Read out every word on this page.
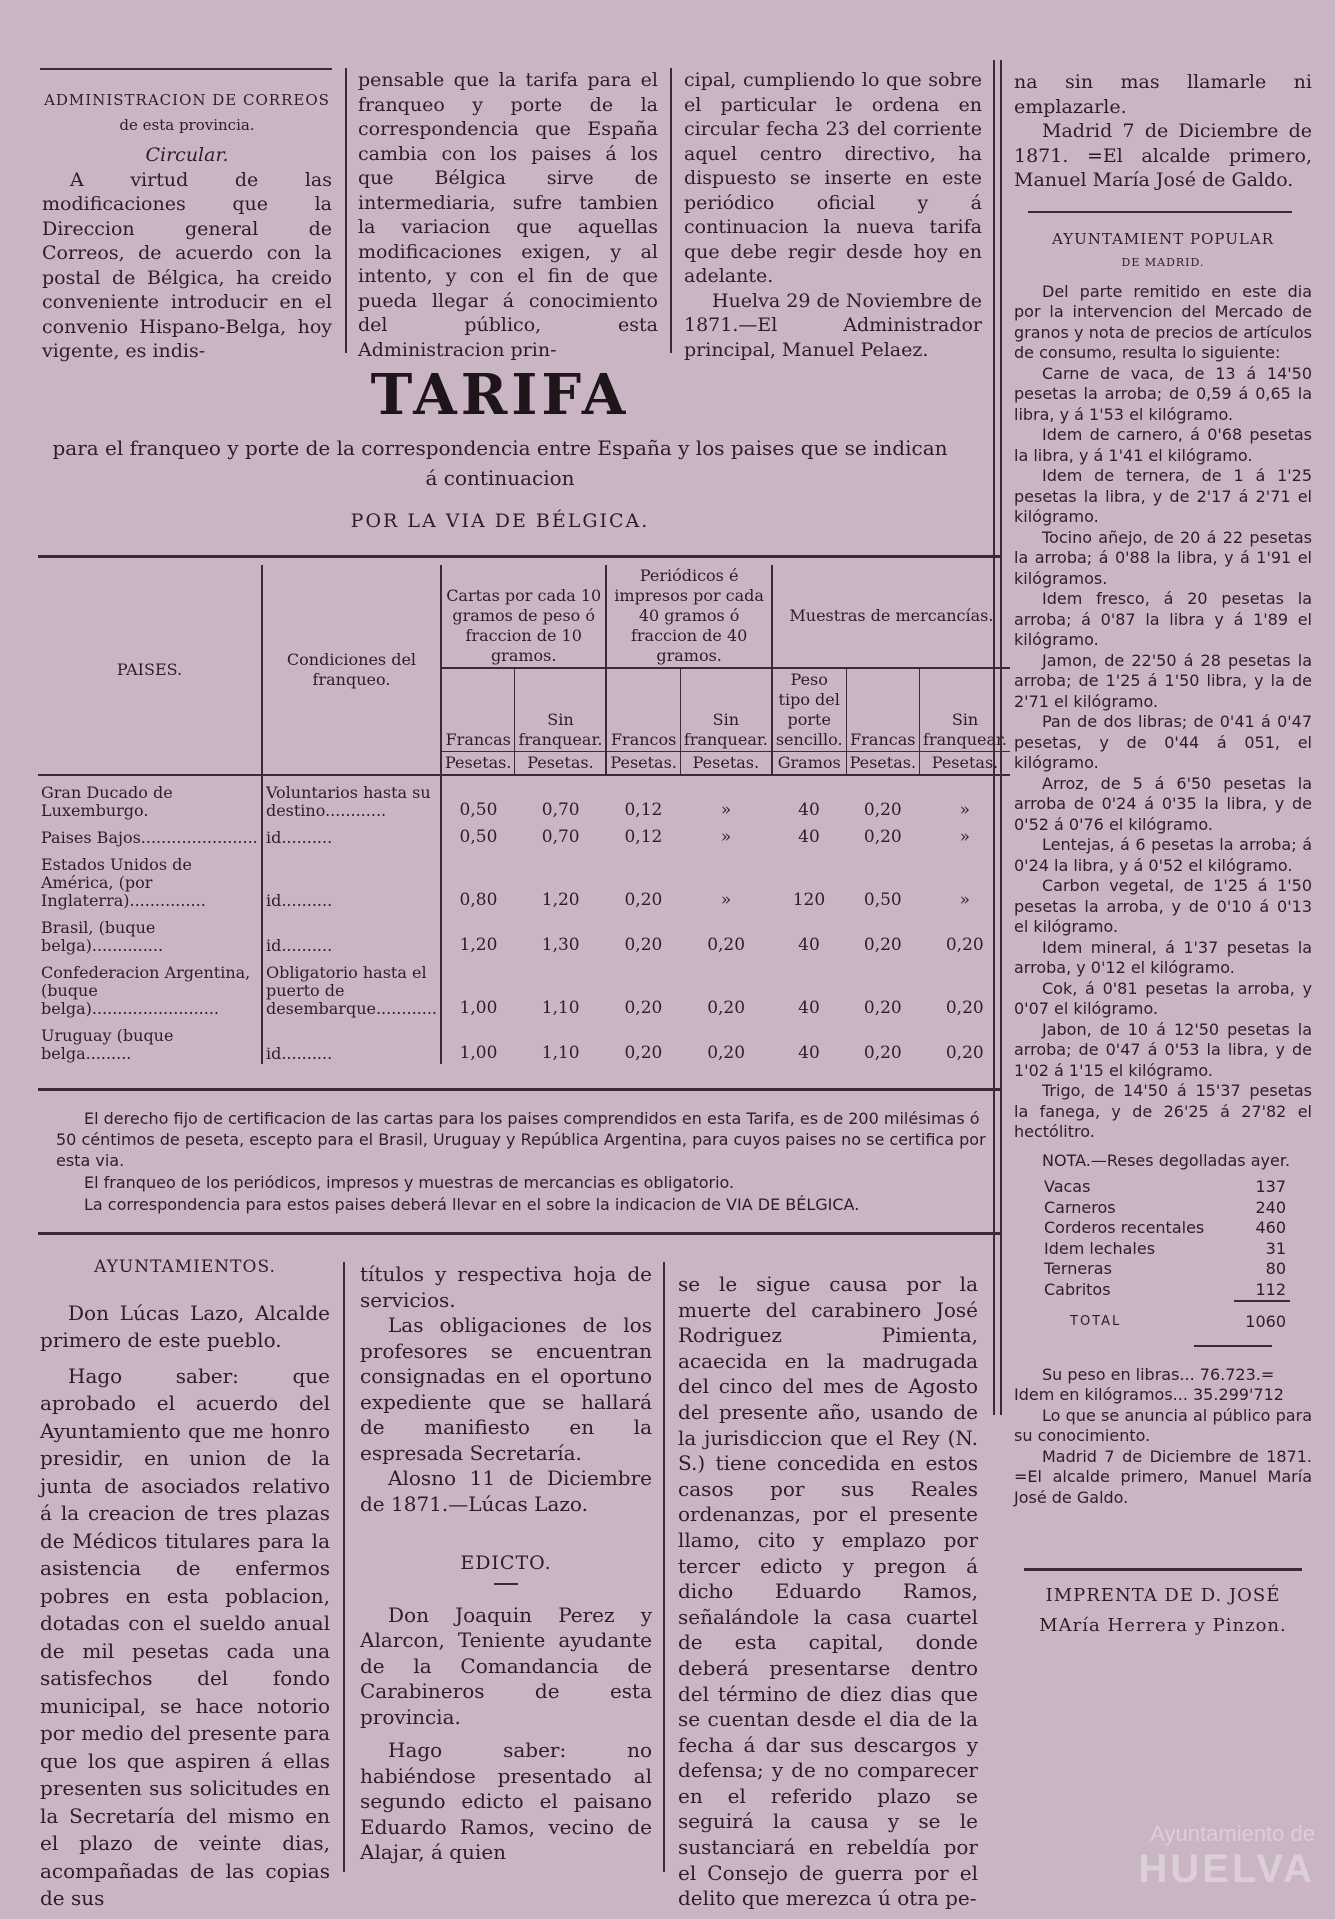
ADMINISTRACION DE CORREOS
de esta provincia.
Circular.

A virtud de las modificaciones que la Direccion general de Correos, de acuerdo con la postal de Bélgica, ha creido conveniente introducir en el convenio Hispano-Belga, hoy vigente, es indis-

pensable que la tarifa para el franqueo y porte de la correspondencia que España cambia con los paises á los que Bélgica sirve de intermediaria, sufre tambien la variacion que aquellas modificaciones exigen, y al intento, y con el fin de que pueda llegar á conocimiento del público, esta Administracion prin-

cipal, cumpliendo lo que sobre el particular le ordena en circular fecha 23 del corriente aquel centro directivo, ha dispuesto se inserte en este periódico oficial y á continuacion la nueva tarifa que debe regir desde hoy en adelante.

Huelva 29 de Noviembre de 1871.—El Administrador principal, Manuel Pelaez.

na sin mas llamarle ni emplazarle.

Madrid 7 de Diciembre de 1871. =El alcalde primero, Manuel María José de Galdo.

AYUNTAMIENT POPULAR
DE MADRID.

Del parte remitido en este dia por la intervencion del Mercado de granos y nota de precios de artículos de consumo, resulta lo siguiente:

Carne de vaca, de 13 á 14'50 pesetas la arroba; de 0,59 á 0,65 la libra, y á 1'53 el kilógramo.

Idem de carnero, á 0'68 pesetas la libra, y á 1'41 el kilógramo.

Idem de ternera, de 1 á 1'25 pesetas la libra, y de 2'17 á 2'71 el kilógramo.

Tocino añejo, de 20 á 22 pesetas la arroba; á 0'88 la libra, y á 1'91 el kilógramos.

Idem fresco, á 20 pesetas la arroba; á 0'87 la libra y á 1'89 el kilógramo.

Jamon, de 22'50 á 28 pesetas la arroba; de 1'25 á 1'50 libra, y la de 2'71 el kilógramo.

Pan de dos libras; de 0'41 á 0'47 pesetas, y de 0'44 á 051, el kilógramo.

Arroz, de 5 á 6'50 pesetas la arroba de 0'24 á 0'35 la libra, y de 0'52 á 0'76 el kilógramo.

Lentejas, á 6 pesetas la arroba; á 0'24 la libra, y á 0'52 el kilógramo.

Carbon vegetal, de 1'25 á 1'50 pesetas la arroba, y de 0'10 á 0'13 el kilógramo.

Idem mineral, á 1'37 pesetas la arroba, y 0'12 el kilógramo.

Cok, á 0'81 pesetas la arroba, y 0'07 el kilógramo.

Jabon, de 10 á 12'50 pesetas la arroba; de 0'47 á 0'53 la libra, y de 1'02 á 1'15 el kilógramo.

Trigo, de 14'50 á 15'37 pesetas la fanega, y de 26'25 á 27'82 el hectólitro.

NOTA.—Reses degolladas ayer.

Vacas	137
Carneros	240
Corderos recentales	460
Idem lechales	31
Terneras	80
Cabritos	112
TOTAL	1060

Su peso en libras... 76.723.=

Idem en kilógramos... 35.299'712

Lo que se anuncia al público para su conocimiento.

Madrid 7 de Diciembre de 1871. =El alcalde primero, Manuel María José de Galdo.

IMPRENTA DE D. JOSÉ MAría Herrera y Pinzon.

TARIFA
para el franqueo y porte de la correspondencia entre España y los paises que se indican
á continuacion
POR LA VIA DE BÉLGICA.
PAISES.	Condiciones del franqueo.	Cartas por cada 10 gramos de peso ó fraccion de 10 gramos.		Periódicos é impresos por cada 40 gramos ó fraccion de 40 gramos.		Muestras de mercancías.		
		Francas	Sin franquear.	Francos	Sin franquear.	Peso tipo del porte sencillo.	Francas	Sin franquear.
		Pesetas.	Pesetas.	Pesetas.	Pesetas.	Gramos	Pesetas.	Pesetas.
Gran Ducado de Luxemburgo.	Voluntarios hasta su destino............	0,50	0,70	0,12	»	40	0,20	»
Paises Bajos.......................	id..........	0,50	0,70	0,12	»	40	0,20	»
Estados Unidos de América, (por Inglaterra)...............	id..........	0,80	1,20	0,20	»	120	0,50	»
Brasil, (buque belga)..............	id..........	1,20	1,30	0,20	0,20	40	0,20	0,20
Confederacion Argentina, (buque belga).........................	Obligatorio hasta el puerto de desembarque............	1,00	1,10	0,20	0,20	40	0,20	0,20
Uruguay (buque belga.........	id..........	1,00	1,10	0,20	0,20	40	0,20	0,20

El derecho fijo de certificacion de las cartas para los paises comprendidos en esta Tarifa, es de 200 milésimas ó 50 céntimos de peseta, escepto para el Brasil, Uruguay y República Argentina, para cuyos paises no se certifica por esta via.

El franqueo de los periódicos, impresos y muestras de mercancias es obligatorio.

La correspondencia para estos paises deberá llevar en el sobre la indicacion de VIA DE BÉLGICA.

AYUNTAMIENTOS.

Don Lúcas Lazo, Alcalde primero de este pueblo.

Hago saber: que aprobado el acuerdo del Ayuntamiento que me honro presidir, en union de la junta de asociados relativo á la creacion de tres plazas de Médicos titulares para la asistencia de enfermos pobres en esta poblacion, dotadas con el sueldo anual de mil pesetas cada una satisfechos del fondo municipal, se hace notorio por medio del presente para que los que aspiren á ellas presenten sus solicitudes en la Secretaría del mismo en el plazo de veinte dias, acompañadas de las copias de sus

títulos y respectiva hoja de servicios.

Las obligaciones de los profesores se encuentran consignadas en el oportuno expediente que se hallará de manifiesto en la espresada Secretaría.

Alosno 11 de Diciembre de 1871.—Lúcas Lazo.

EDICTO.

Don Joaquin Perez y Alarcon, Teniente ayudante de la Comandancia de Carabineros de esta provincia.

Hago saber: no habiéndose presentado al segundo edicto el paisano Eduardo Ramos, vecino de Alajar, á quien

se le sigue causa por la muerte del carabinero José Rodriguez Pimienta, acaecida en la madrugada del cinco del mes de Agosto del presente año, usando de la jurisdiccion que el Rey (N. S.) tiene concedida en estos casos por sus Reales ordenanzas, por el presente llamo, cito y emplazo por tercer edicto y pregon á dicho Eduardo Ramos, señalándole la casa cuartel de esta capital, donde deberá presentarse dentro del término de diez dias que se cuentan desde el dia de la fecha á dar sus descargos y defensa; y de no comparecer en el referido plazo se seguirá la causa y se le sustanciará en rebeldía por el Consejo de guerra por el delito que merezca ú otra pe-

Ayuntamiento de
HUELVA
